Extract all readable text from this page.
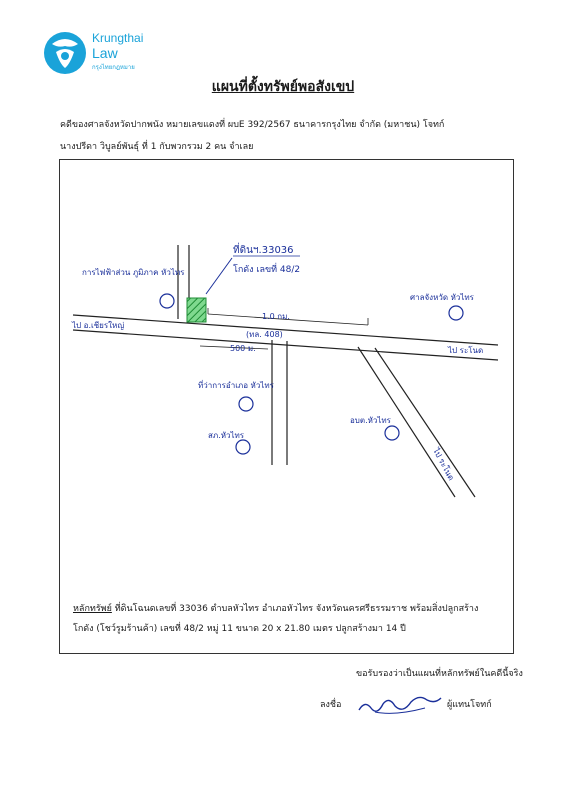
Krungthai
Law
กรุงไทยกฎหมาย
แผนที่ตั้งทรัพย์พอสังเขป
คดีของศาลจังหวัดปากพนัง หมายเลขแดงที่ ผบE 392/2567 ธนาคารกรุงไทย จำกัด (มหาชน) โจทก์
นางปรีดา วิบูลย์พันธุ์ ที่ 1 กับพวกรวม 2 คน จำเลย
ที่ดินฯ.33036
โกดัง เลขที่ 48/2
การไฟฟ้าส่วน ภูมิภาค หัวไทร
ศาลจังหวัด หัวไทร
ที่ว่าการอำเภอ หัวไทร
สภ.หัวไทร
อบต.หัวไทร
ไป อ.เชียรใหญ่
ไป ระโนด
(ทล. 408)
1.0 กม.
500 ม.
ไป ระโนด
หลักทรัพย์ ที่ดินโฉนดเลขที่ 33036 ตำบลหัวไทร อำเภอหัวไทร จังหวัดนครศรีธรรมราช พร้อมสิ่งปลูกสร้าง
โกดัง (โชว์รูมร้านค้า) เลขที่ 48/2 หมู่ 11 ขนาด 20 x 21.80 เมตร ปลูกสร้างมา 14 ปี
ขอรับรองว่าเป็นแผนที่หลักทรัพย์ในคดีนี้จริง
ลงชื่อ	ผู้แทนโจทก์
